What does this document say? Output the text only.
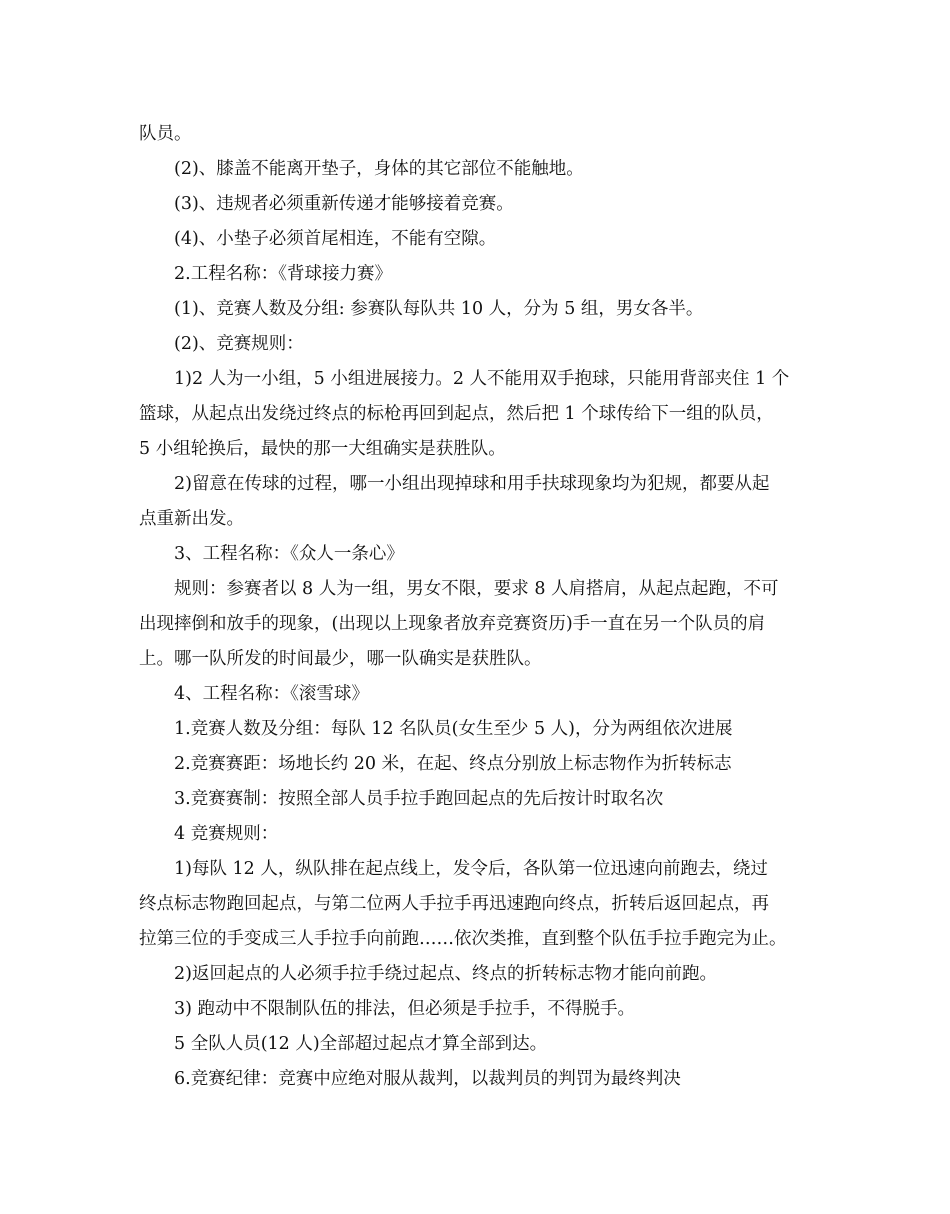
队员。

(2)、膝盖不能离开垫子，身体的其它部位不能触地。

(3)、违规者必须重新传递才能够接着竞赛。

(4)、小垫子必须首尾相连，不能有空隙。

2.工程名称：《背球接力赛》

(1)、竞赛人数及分组: 参赛队每队共 10 人，分为 5 组，男女各半。

(2)、竞赛规则：

1)2 人为一小组，5 小组进展接力。2 人不能用双手抱球，只能用背部夹住 1 个

篮球，从起点出发绕过终点的标枪再回到起点，然后把 1 个球传给下一组的队员，

5 小组轮换后，最快的那一大组确实是获胜队。

2)留意在传球的过程，哪一小组出现掉球和用手扶球现象均为犯规，都要从起

点重新出发。

3、工程名称：《众人一条心》

规则：参赛者以 8 人为一组，男女不限，要求 8 人肩搭肩，从起点起跑，不可

出现摔倒和放手的现象，(出现以上现象者放弃竞赛资历)手一直在另一个队员的肩

上。哪一队所发的时间最少，哪一队确实是获胜队。

4、工程名称：《滚雪球》

1.竞赛人数及分组：每队 12 名队员(女生至少 5 人)，分为两组依次进展

2.竞赛赛距：场地长约 20 米，在起、终点分别放上标志物作为折转标志

3.竞赛赛制：按照全部人员手拉手跑回起点的先后按计时取名次

4 竞赛规则：

1)每队 12 人，纵队排在起点线上，发令后，各队第一位迅速向前跑去，绕过

终点标志物跑回起点，与第二位两人手拉手再迅速跑向终点，折转后返回起点，再

拉第三位的手变成三人手拉手向前跑……依次类推，直到整个队伍手拉手跑完为止。

2)返回起点的人必须手拉手绕过起点、终点的折转标志物才能向前跑。

3) 跑动中不限制队伍的排法，但必须是手拉手，不得脱手。

5 全队人员(12 人)全部超过起点才算全部到达。

6.竞赛纪律：竞赛中应绝对服从裁判，以裁判员的判罚为最终判决
